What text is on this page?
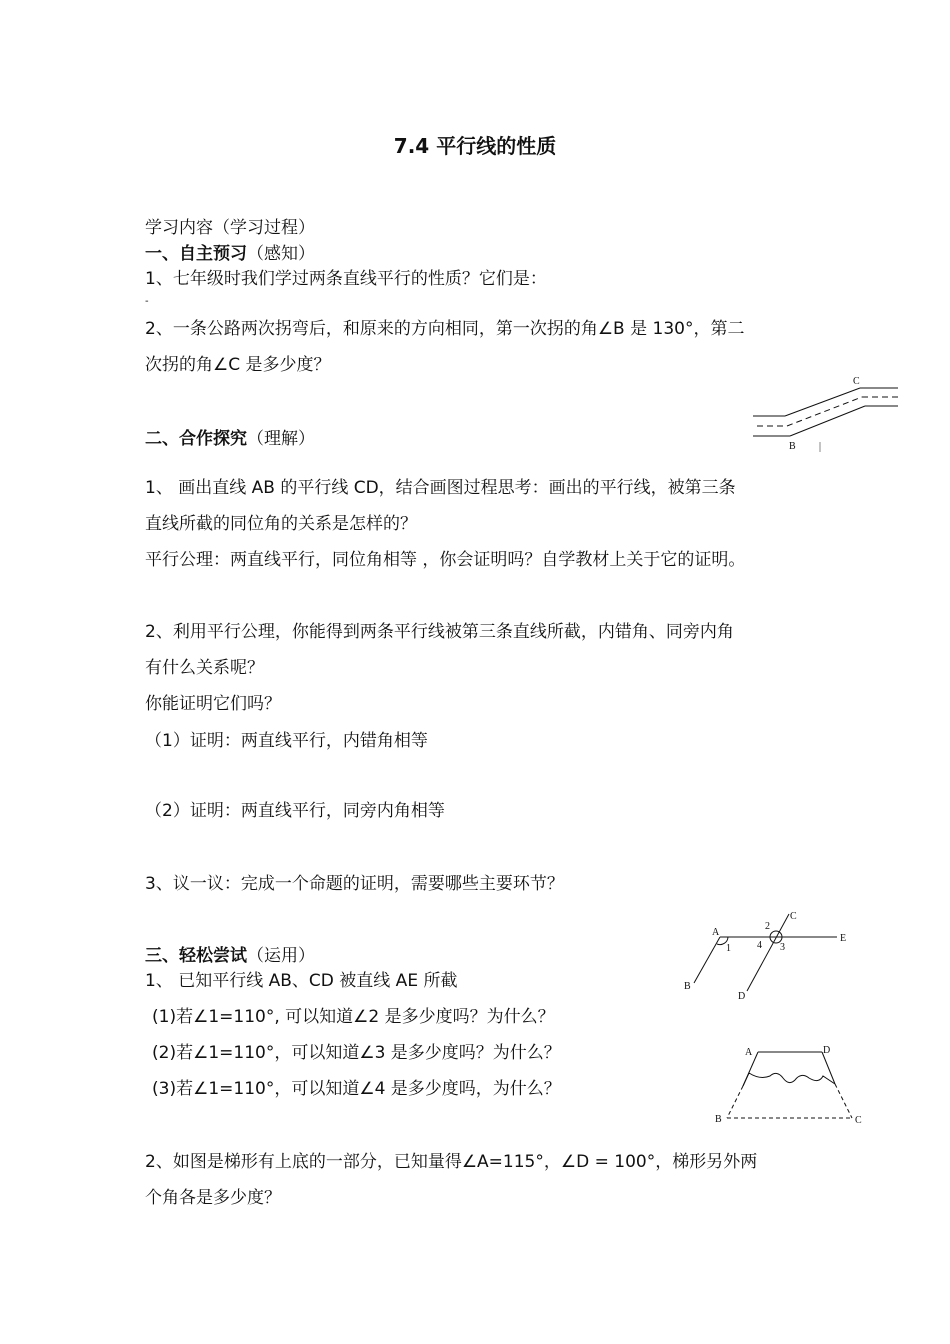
7.4 平行线的性质
学习内容（学习过程）
一、自主预习（感知）
1、七年级时我们学过两条直线平行的性质？它们是：
-
2、一条公路两次拐弯后，和原来的方向相同，第一次拐的角∠B 是 130°，第二
次拐的角∠C 是多少度？
B
C
二、合作探究（理解）
1、 画出直线 AB 的平行线 CD，结合画图过程思考：画出的平行线，被第三条
直线所截的同位角的关系是怎样的？
平行公理：两直线平行，同位角相等 ，你会证明吗？自学教材上关于它的证明。
2、利用平行公理，你能得到两条平行线被第三条直线所截，内错角、同旁内角
有什么关系呢？
你能证明它们吗？
（1）证明：两直线平行，内错角相等
（2）证明：两直线平行，同旁内角相等
3、议一议：完成一个命题的证明，需要哪些主要环节？
A
B
C
D
E
1
2
3
4
三、轻松尝试（运用）
1、 已知平行线 AB、CD 被直线 AE 所截
(1)若∠1=110°, 可以知道∠2 是多少度吗？为什么？
(2)若∠1=110°，可以知道∠3 是多少度吗？为什么？
(3)若∠1=110°，可以知道∠4 是多少度吗，为什么？
A	D
B	C
2、如图是梯形有上底的一部分，已知量得∠A=115°，∠D = 100°，梯形另外两
个角各是多少度？
